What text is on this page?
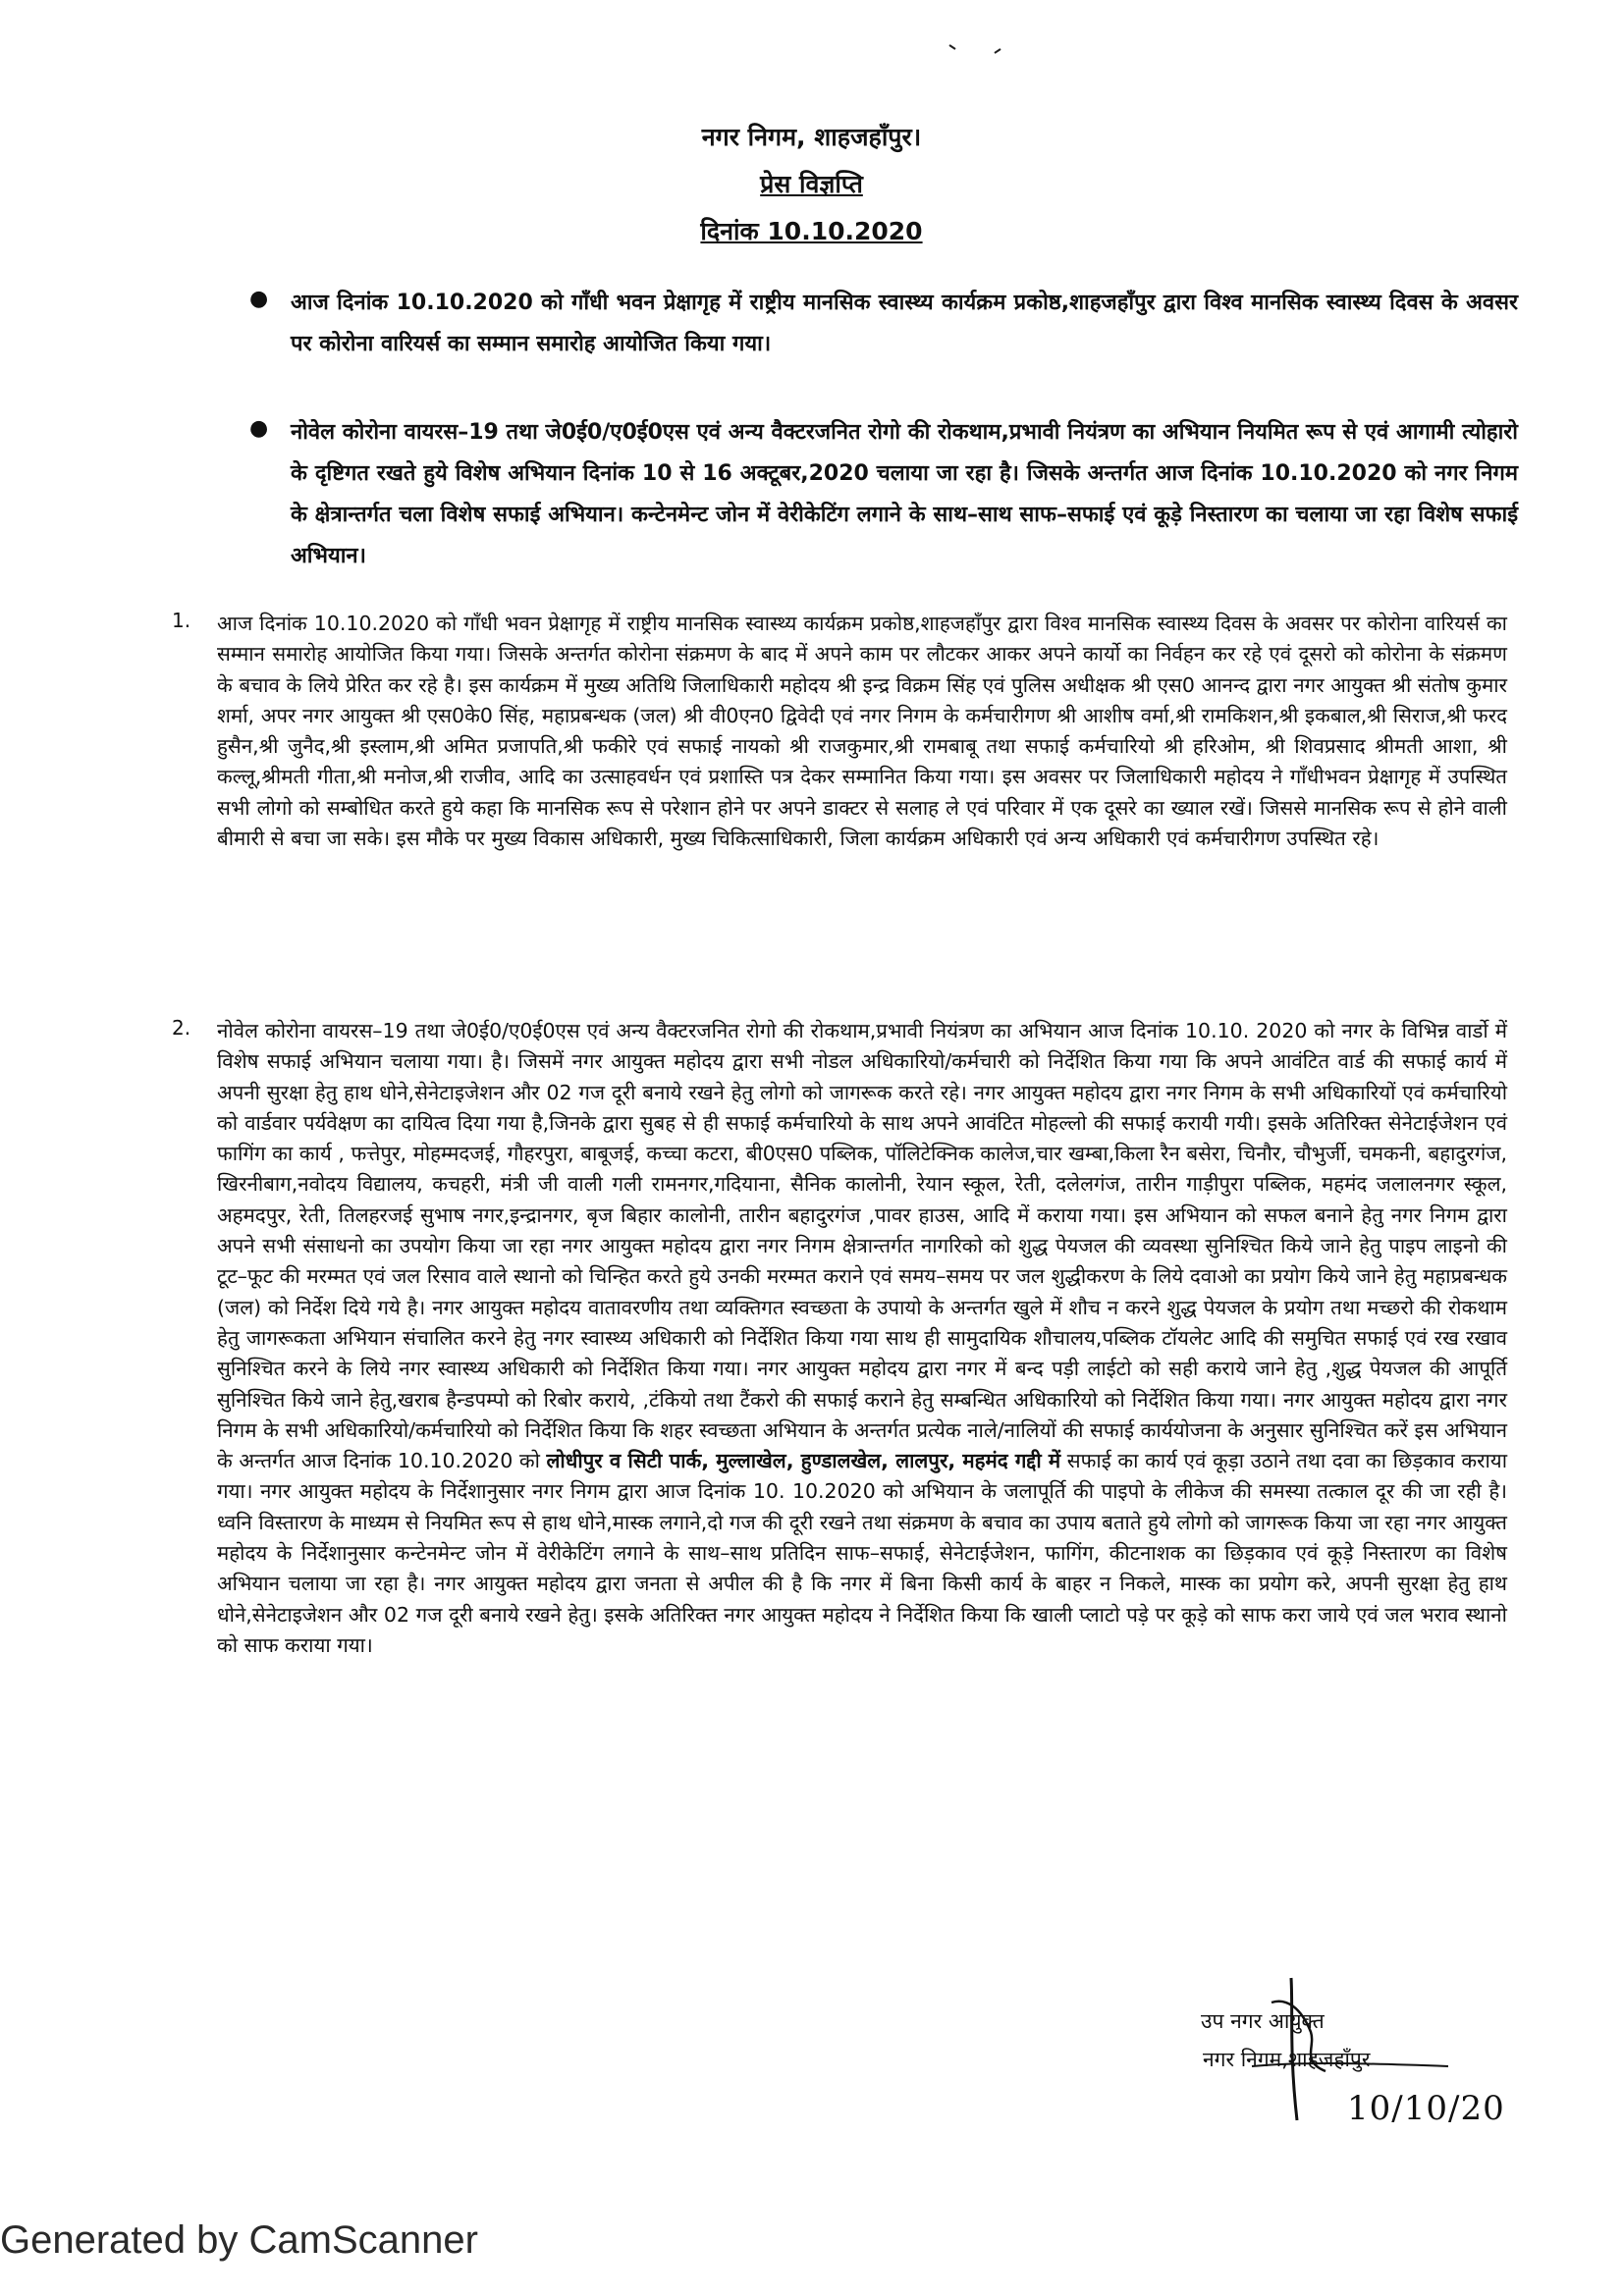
नगर निगम, शाहजहाँपुर।
प्रेस विज्ञप्ति
दिनांक 10.10.2020
● आज दिनांक 10.10.2020 को गाँधी भवन प्रेक्षागृह में राष्ट्रीय मानसिक स्वास्थ्य कार्यक्रम प्रकोष्ठ,शाहजहाँपुर द्वारा विश्व मानसिक स्वास्थ्य दिवस के अवसर पर कोरोना वारियर्स का सम्मान समारोह आयोजित किया गया।

● नोवेल कोरोना वायरस–19 तथा जे0ई0/ए0ई0एस एवं अन्य वैक्टरजनित रोगो की रोकथाम,प्रभावी नियंत्रण का अभियान नियमित रूप से एवं आगामी त्योहारो के दृष्टिगत रखते हुये विशेष अभियान दिनांक 10 से 16 अक्टूबर,2020 चलाया जा रहा है। जिसके अन्तर्गत आज दिनांक 10.10.2020 को नगर निगम के क्षेत्रान्तर्गत चला विशेष सफाई अभियान। कन्टेनमेन्ट जोन में वेरीकेटिंग लगाने के साथ–साथ साफ–सफाई एवं कूड़े निस्तारण का चलाया जा रहा विशेष सफाई अभियान।

1. आज दिनांक 10.10.2020 को गाँधी भवन प्रेक्षागृह में राष्ट्रीय मानसिक स्वास्थ्य कार्यक्रम प्रकोष्ठ,शाहजहाँपुर द्वारा विश्व मानसिक स्वास्थ्य दिवस के अवसर पर कोरोना वारियर्स का सम्मान समारोह आयोजित किया गया। जिसके अन्तर्गत कोरोना संक्रमण के बाद में अपने काम पर लौटकर आकर अपने कार्यो का निर्वहन कर रहे एवं दूसरो को कोरोना के संक्रमण के बचाव के लिये प्रेरित कर रहे है। इस कार्यक्रम में मुख्य अतिथि जिलाधिकारी महोदय श्री इन्द्र विक्रम सिंह एवं पुलिस अधीक्षक श्री एस0 आनन्द द्वारा नगर आयुक्त श्री संतोष कुमार शर्मा, अपर नगर आयुक्त श्री एस0के0 सिंह, महाप्रबन्धक (जल) श्री वी0एन0 द्विवेदी एवं नगर निगम के कर्मचारीगण श्री आशीष वर्मा,श्री रामकिशन,श्री इकबाल,श्री सिराज,श्री फरद हुसैन,श्री जुनैद,श्री इस्लाम,श्री अमित प्रजापति,श्री फकीरे एवं सफाई नायको श्री राजकुमार,श्री रामबाबू तथा सफाई कर्मचारियो श्री हरिओम, श्री शिवप्रसाद श्रीमती आशा, श्री कल्लू,श्रीमती गीता,श्री मनोज,श्री राजीव, आदि का उत्साहवर्धन एवं प्रशास्ति पत्र देकर सम्मानित किया गया। इस अवसर पर जिलाधिकारी महोदय ने गाँधीभवन प्रेक्षागृह में उपस्थित सभी लोगो को सम्बोधित करते हुये कहा कि मानसिक रूप से परेशान होने पर अपने डाक्टर से सलाह ले एवं परिवार में एक दूसरे का ख्याल रखें। जिससे मानसिक रूप से होने वाली बीमारी से बचा जा सके। इस मौके पर मुख्य विकास अधिकारी, मुख्य चिकित्साधिकारी, जिला कार्यक्रम अधिकारी एवं अन्य अधिकारी एवं कर्मचारीगण उपस्थित रहे।

2. नोवेल कोरोना वायरस–19 तथा जे0ई0/ए0ई0एस एवं अन्य वैक्टरजनित रोगो की रोकथाम,प्रभावी नियंत्रण का अभियान आज दिनांक 10.10. 2020 को नगर के विभिन्न वार्डो में विशेष सफाई अभियान चलाया गया। है। जिसमें नगर आयुक्त महोदय द्वारा सभी नोडल अधिकारियो/कर्मचारी को निर्देशित किया गया कि अपने आवंटित वार्ड की सफाई कार्य में अपनी सुरक्षा हेतु हाथ धोने,सेनेटाइजेशन और 02 गज दूरी बनाये रखने हेतु लोगो को जागरूक करते रहे। नगर आयुक्त महोदय द्वारा नगर निगम के सभी अधिकारियों एवं कर्मचारियो को वार्डवार पर्यवेक्षण का दायित्व दिया गया है,जिनके द्वारा सुबह से ही सफाई कर्मचारियो के साथ अपने आवंटित मोहल्लो की सफाई करायी गयी। इसके अतिरिक्त सेनेटाईजेशन एवं फागिंग का कार्य , फत्तेपुर, मोहम्मदजई, गौहरपुरा, बाबूजई, कच्चा कटरा, बी0एस0 पब्लिक, पॉलिटेक्निक कालेज,चार खम्बा,किला रैन बसेरा, चिनौर, चौभुर्जी, चमकनी, बहादुरगंज, खिरनीबाग,नवोदय विद्यालय, कचहरी, मंत्री जी वाली गली रामनगर,गदियाना, सैनिक कालोनी, रेयान स्कूल, रेती, दलेलगंज, तारीन गाड़ीपुरा पब्लिक, महमंद जलालनगर स्कूल, अहमदपुर, रेती, तिलहरजई सुभाष नगर,इन्द्रानगर, बृज बिहार कालोनी, तारीन बहादुरगंज ,पावर हाउस, आदि में कराया गया। इस अभियान को सफल बनाने हेतु नगर निगम द्वारा अपने सभी संसाधनो का उपयोग किया जा रहा नगर आयुक्त महोदय द्वारा नगर निगम क्षेत्रान्तर्गत नागरिको को शुद्ध पेयजल की व्यवस्था सुनिश्चित किये जाने हेतु पाइप लाइनो की टूट–फूट की मरम्मत एवं जल रिसाव वाले स्थानो को चिन्हित करते हुये उनकी मरम्मत कराने एवं समय–समय पर जल शुद्धीकरण के लिये दवाओ का प्रयोग किये जाने हेतु महाप्रबन्धक (जल) को निर्देश दिये गये है। नगर आयुक्त महोदय वातावरणीय तथा व्यक्तिगत स्वच्छता के उपायो के अन्तर्गत खुले में शौच न करने शुद्ध पेयजल के प्रयोग तथा मच्छरो की रोकथाम हेतु जागरूकता अभियान संचालित करने हेतु नगर स्वास्थ्य अधिकारी को निर्देशित किया गया साथ ही सामुदायिक शौचालय,पब्लिक टॉयलेट आदि की समुचित सफाई एवं रख रखाव सुनिश्चित करने के लिये नगर स्वास्थ्य अधिकारी को निर्देशित किया गया। नगर आयुक्त महोदय द्वारा नगर में बन्द पड़ी लाईटो को सही कराये जाने हेतु ,शुद्ध पेयजल की आपूर्ति सुनिश्चित किये जाने हेतु,खराब हैन्डपम्पो को रिबोर कराये, ,टंकियो तथा टैंकरो की सफाई कराने हेतु सम्बन्धित अधिकारियो को निर्देशित किया गया। नगर आयुक्त महोदय द्वारा नगर निगम के सभी अधिकारियो/कर्मचारियो को निर्देशित किया कि शहर स्वच्छता अभियान के अन्तर्गत प्रत्येक नाले/नालियों की सफाई कार्ययोजना के अनुसार सुनिश्चित करें इस अभियान के अन्तर्गत आज दिनांक 10.10.2020 को लोधीपुर व सिटी पार्क, मुल्लाखेल, हुण्डालखेल, लालपुर, महमंद गद्दी में सफाई का कार्य एवं कूड़ा उठाने तथा दवा का छिड़काव कराया गया। नगर आयुक्त महोदय के निर्देशानुसार नगर निगम द्वारा आज दिनांक 10. 10.2020 को अभियान के जलापूर्ति की पाइपो के लीकेज की समस्या तत्काल दूर की जा रही है। ध्वनि विस्तारण के माध्यम से नियमित रूप से हाथ धोने,मास्क लगाने,दो गज की दूरी रखने तथा संक्रमण के बचाव का उपाय बताते हुये लोगो को जागरूक किया जा रहा नगर आयुक्त महोदय के निर्देशानुसार कन्टेनमेन्ट जोन में वेरीकेटिंग लगाने के साथ–साथ प्रतिदिन साफ–सफाई, सेनेटाईजेशन, फागिंग, कीटनाशक का छिड़काव एवं कूड़े निस्तारण का विशेष अभियान चलाया जा रहा है। नगर आयुक्त महोदय द्वारा जनता से अपील की है कि नगर में बिना किसी कार्य के बाहर न निकले, मास्क का प्रयोग करे, अपनी सुरक्षा हेतु हाथ धोने,सेनेटाइजेशन और 02 गज दूरी बनाये रखने हेतु। इसके अतिरिक्त नगर आयुक्त महोदय ने निर्देशित किया कि खाली प्लाटो पड़े पर कूड़े को साफ करा जाये एवं जल भराव स्थानो को साफ कराया गया।

उप नगर आयुक्त
नगर निगम,शाहजहाँपुर
10/10/20
Generated by CamScanner
